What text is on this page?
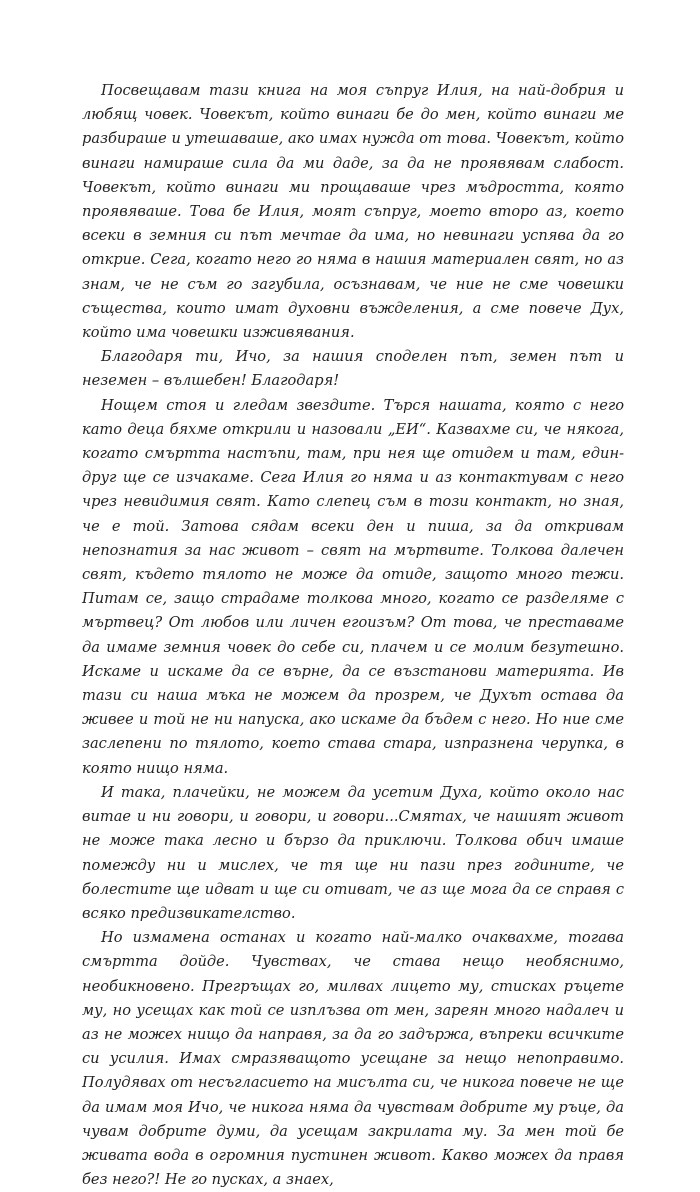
Посвещавам тази книга на моя съпруг Илия, на най-добрия и любящ човек. Човекът, който винаги бе до мен, който винаги ме разбираше и утешаваше, ако имах нужда от това. Човекът, който винаги намираше сила да ми даде, за да не проявявам слабост. Човекът, който винаги ми прощаваше чрез мъдростта, която проявяваше. Това бе Илия, моят съпруг, моето второ аз, което всеки в земния си път мечтае да има, но невинаги успява да го открие. Сега, когато него го няма в нашия материален свят, но аз знам, че не съм го загубила, осъзнавам, че ние не сме човешки същества, които имат духовни въжделения, а сме повече Дух, който има човешки изживявания.

Благодаря ти, Ичо, за нашия споделен път, земен път и неземен – вълшебен! Благодаря!

Нощем стоя и гледам звездите. Търся нашата, която с него като деца бяхме открили и назовали „ЕИ“. Казвахме си, че някога, когато смъртта настъпи, там, при нея ще отидем и там, един-друг ще се изчакаме. Сега Илия го няма и аз контактувам с него чрез невидимия свят. Като слепец съм в този контакт, но зная, че е той. Затова сядам всеки ден и пиша, за да откривам непознатия за нас живот – свят на мъртвите. Толкова далечен свят, където тялото не може да отиде, защото много тежи. Питам се, защо страдаме толкова много, когато се разделяме с мъртвец? От любов или личен егоизъм? От това, че преставаме да имаме земния човек до себе си, плачем и се молим безутешно. Искаме и искаме да се върне, да се възстанови материята. Ив тази си наша мъка не можем да прозрем, че Духът остава да живее и той не ни напуска, ако искаме да бъдем с него. Но ние сме заслепени по тялото, което става стара, изпразнена черупка, в която нищо няма.

И така, плачейки, не можем да усетим Духа, който около нас витае и ни говори, и говори, и говори...Смятах, че нашият живот не може така лесно и бързо да приключи. Толкова обич имаше помежду ни и мислех, че тя ще ни пази през годините, че болестите ще идват и ще си отиват, че аз ще мога да се справя с всяко предизвикателство.

Но измамена останах и когато най-малко очаквахме, тогава смъртта дойде. Чувствах, че става нещо необяснимо, необикновено. Прегръщах го, милвах лицето му, стисках ръцете му, но усещах как той се изплъзва от мен, зареян много надалеч и аз не можех нищо да направя, за да го задържа, въпреки всичките си усилия. Имах смразяващото усещане за нещо непоправимо. Полудявах от несъгласието на мисълта си, че никога повече не ще да имам моя Ичо, че никога няма да чувствам добрите му ръце, да чувам добрите думи, да усещам закрилата му. За мен той бе живата вода в огромния пустинен живот. Какво можех да правя без него?! Не го пусках, а знаех,
